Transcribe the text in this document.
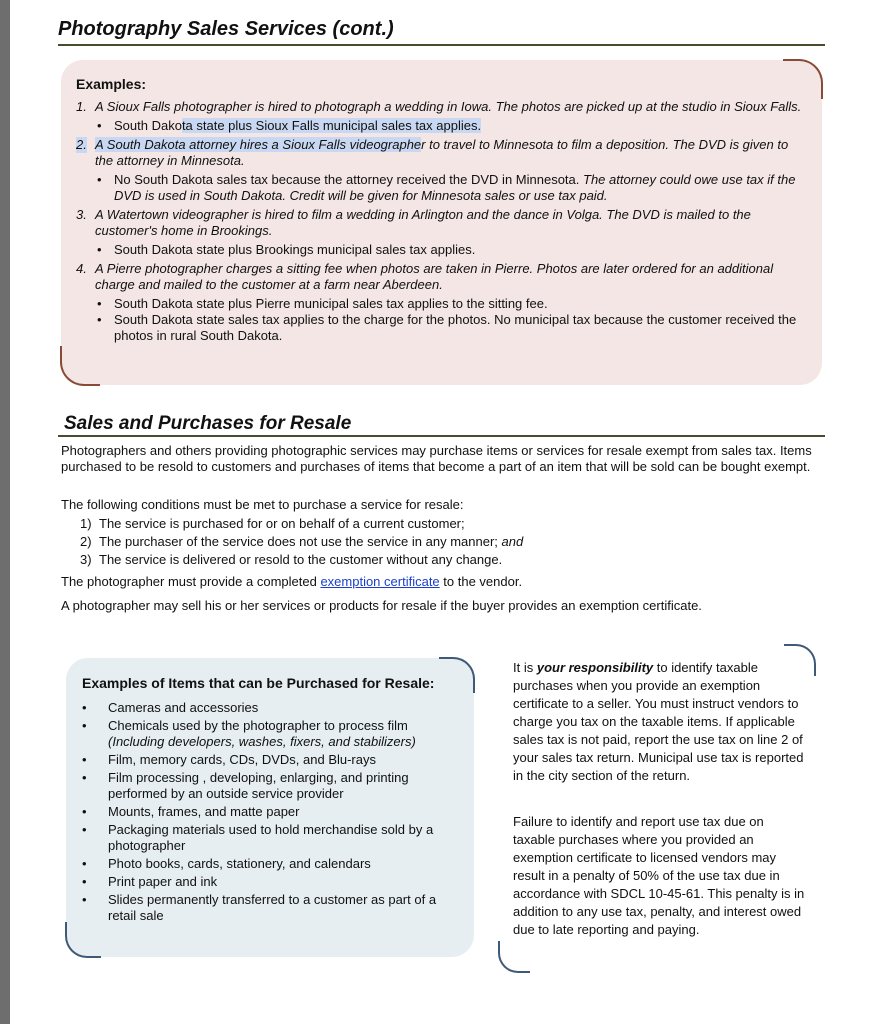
Photography Sales Services (cont.)
Examples:
1. A Sioux Falls photographer is hired to photograph a wedding in Iowa. The photos are picked up at the studio in Sioux Falls.
• South Dakota state plus Sioux Falls municipal sales tax applies.
2. A South Dakota attorney hires a Sioux Falls videographer to travel to Minnesota to film a deposition. The DVD is given to the attorney in Minnesota.
• No South Dakota sales tax because the attorney received the DVD in Minnesota. The attorney could owe use tax if the DVD is used in South Dakota. Credit will be given for Minnesota sales or use tax paid.
3. A Watertown videographer is hired to film a wedding in Arlington and the dance in Volga. The DVD is mailed to the customer's home in Brookings.
• South Dakota state plus Brookings municipal sales tax applies.
4. A Pierre photographer charges a sitting fee when photos are taken in Pierre. Photos are later ordered for an additional charge and mailed to the customer at a farm near Aberdeen.
• South Dakota state plus Pierre municipal sales tax applies to the sitting fee.
• South Dakota state sales tax applies to the charge for the photos. No municipal tax because the customer received the photos in rural South Dakota.
Sales and Purchases for Resale

Photographers and others providing photographic services may purchase items or services for resale exempt from sales tax. Items purchased to be resold to customers and purchases of items that become a part of an item that will be sold can be bought exempt.

The following conditions must be met to purchase a service for resale:

1) The service is purchased for or on behalf of a current customer;
2) The purchaser of the service does not use the service in any manner; and
3) The service is delivered or resold to the customer without any change.

The photographer must provide a completed exemption certificate to the vendor.

A photographer may sell his or her services or products for resale if the buyer provides an exemption certificate.

Examples of Items that can be Purchased for Resale:
• Cameras and accessories
• Chemicals used by the photographer to process film
(Including developers, washes, fixers, and stabilizers)
• Film, memory cards, CDs, DVDs, and Blu-rays
• Film processing , developing, enlarging, and printing performed by an outside service provider
• Mounts, frames, and matte paper
• Packaging materials used to hold merchandise sold by a photographer
• Photo books, cards, stationery, and calendars
• Print paper and ink
• Slides permanently transferred to a customer as part of a retail sale

It is your responsibility to identify taxable purchases when you provide an exemption certificate to a seller. You must instruct vendors to charge you tax on the taxable items. If applicable sales tax is not paid, report the use tax on line 2 of your sales tax return. Municipal use tax is reported in the city section of the return.

Failure to identify and report use tax due on taxable purchases where you provided an exemption certificate to licensed vendors may result in a penalty of 50% of the use tax due in accordance with SDCL 10-45-61. This penalty is in addition to any use tax, penalty, and interest owed due to late reporting and paying.
